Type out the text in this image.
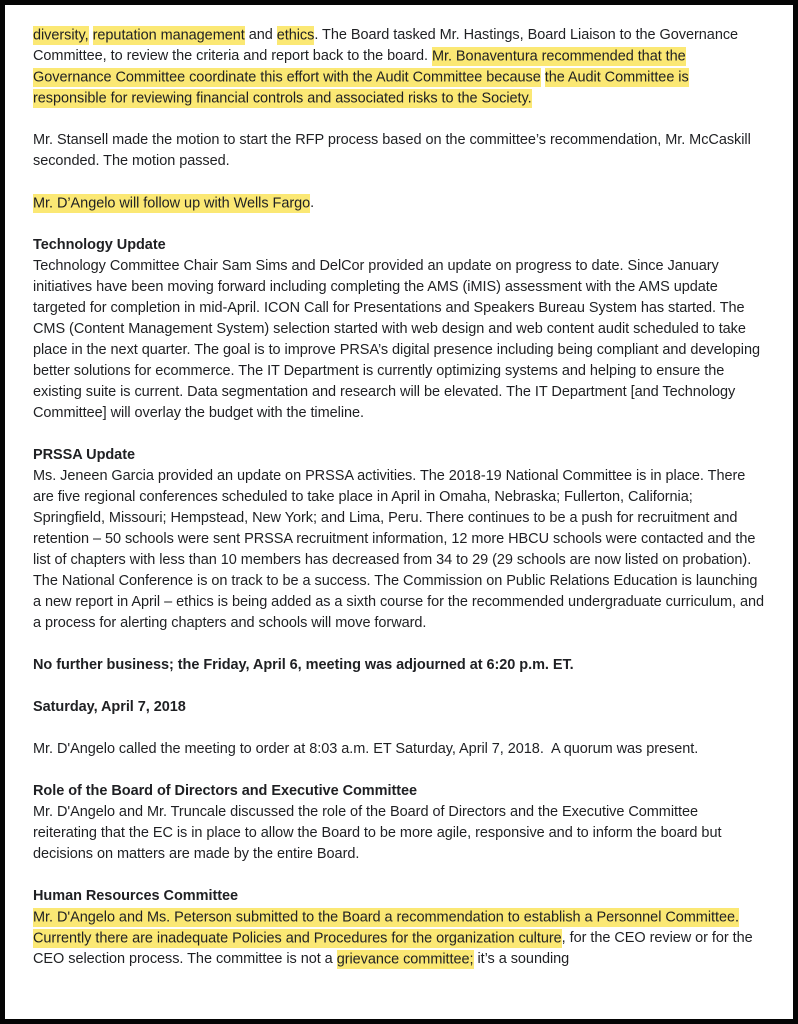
diversity, reputation management and ethics. The Board tasked Mr. Hastings, Board Liaison to the Governance Committee, to review the criteria and report back to the board. Mr. Bonaventura recommended that the Governance Committee coordinate this effort with the Audit Committee because the Audit Committee is responsible for reviewing financial controls and associated risks to the Society.
Mr. Stansell made the motion to start the RFP process based on the committee’s recommendation, Mr. McCaskill seconded. The motion passed.
Mr. D’Angelo will follow up with Wells Fargo.
Technology Update
Technology Committee Chair Sam Sims and DelCor provided an update on progress to date. Since January initiatives have been moving forward including completing the AMS (iMIS) assessment with the AMS update targeted for completion in mid-April. ICON Call for Presentations and Speakers Bureau System has started. The CMS (Content Management System) selection started with web design and web content audit scheduled to take place in the next quarter. The goal is to improve PRSA’s digital presence including being compliant and developing better solutions for ecommerce. The IT Department is currently optimizing systems and helping to ensure the existing suite is current. Data segmentation and research will be elevated. The IT Department [and Technology Committee] will overlay the budget with the timeline.
PRSSA Update
Ms. Jeneen Garcia provided an update on PRSSA activities. The 2018-19 National Committee is in place. There are five regional conferences scheduled to take place in April in Omaha, Nebraska; Fullerton, California; Springfield, Missouri; Hempstead, New York; and Lima, Peru. There continues to be a push for recruitment and retention – 50 schools were sent PRSSA recruitment information, 12 more HBCU schools were contacted and the list of chapters with less than 10 members has decreased from 34 to 29 (29 schools are now listed on probation). The National Conference is on track to be a success. The Commission on Public Relations Education is launching a new report in April – ethics is being added as a sixth course for the recommended undergraduate curriculum, and a process for alerting chapters and schools will move forward.
No further business; the Friday, April 6, meeting was adjourned at 6:20 p.m. ET.
Saturday, April 7, 2018
Mr. D'Angelo called the meeting to order at 8:03 a.m. ET Saturday, April 7, 2018.  A quorum was present.
Role of the Board of Directors and Executive Committee
Mr. D'Angelo and Mr. Truncale discussed the role of the Board of Directors and the Executive Committee reiterating that the EC is in place to allow the Board to be more agile, responsive and to inform the board but decisions on matters are made by the entire Board.
Human Resources Committee
Mr. D'Angelo and Ms. Peterson submitted to the Board a recommendation to establish a Personnel Committee. Currently there are inadequate Policies and Procedures for the organization culture, for the CEO review or for the CEO selection process. The committee is not a grievance committee; it’s a sounding
